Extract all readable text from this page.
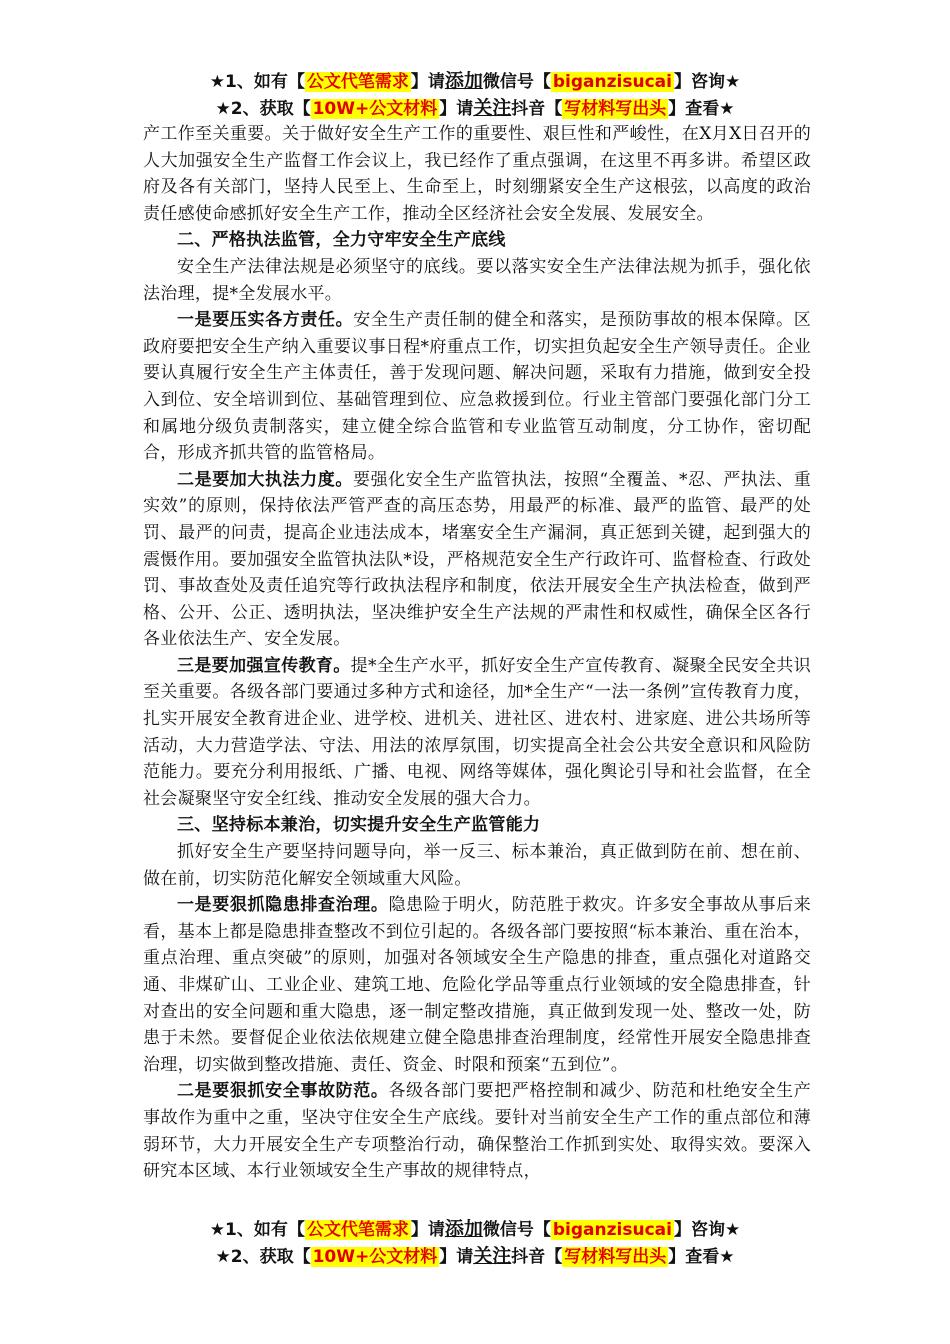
★1、如有【 公文代笔需求 】请添加微信号【 biganzisucai 】咨询★
★2、获取【 10W+公文材料 】请关注抖音【 写材料写出头 】查看★

产工作至关重要。关于做好安全生产工作的重要性、艰巨性和严峻性，在X月X日召开的人大加强安全生产监督工作会议上，我已经作了重点强调，在这里不再多讲。希望区政府及各有关部门，坚持人民至上、生命至上，时刻绷紧安全生产这根弦，以高度的政治责任感使命感抓好安全生产工作，推动全区经济社会安全发展、发展安全。

二、严格执法监管，全力守牢安全生产底线

安全生产法律法规是必须坚守的底线。要以落实安全生产法律法规为抓手，强化依法治理，提*全发展水平。

一是要压实各方责任。安全生产责任制的健全和落实，是预防事故的根本保障。区政府要把安全生产纳入重要议事日程*府重点工作，切实担负起安全生产领导责任。企业要认真履行安全生产主体责任，善于发现问题、解决问题，采取有力措施，做到安全投入到位、安全培训到位、基础管理到位、应急救援到位。行业主管部门要强化部门分工和属地分级负责制落实，建立健全综合监管和专业监管互动制度，分工协作，密切配合，形成齐抓共管的监管格局。

二是要加大执法力度。要强化安全生产监管执法，按照“全覆盖、*忍、严执法、重实效”的原则，保持依法严管严查的高压态势，用最严的标准、最严的监管、最严的处罚、最严的问责，提高企业违法成本，堵塞安全生产漏洞，真正惩到关键，起到强大的震慑作用。要加强安全监管执法队*设，严格规范安全生产行政许可、监督检查、行政处罚、事故查处及责任追究等行政执法程序和制度，依法开展安全生产执法检查，做到严格、公开、公正、透明执法，坚决维护安全生产法规的严肃性和权威性，确保全区各行各业依法生产、安全发展。

三是要加强宣传教育。提*全生产水平，抓好安全生产宣传教育、凝聚全民安全共识至关重要。各级各部门要通过多种方式和途径，加*全生产“一法一条例”宣传教育力度，扎实开展安全教育进企业、进学校、进机关、进社区、进农村、进家庭、进公共场所等活动，大力营造学法、守法、用法的浓厚氛围，切实提高全社会公共安全意识和风险防范能力。要充分利用报纸、广播、电视、网络等媒体，强化舆论引导和社会监督，在全社会凝聚坚守安全红线、推动安全发展的强大合力。

三、坚持标本兼治，切实提升安全生产监管能力

抓好安全生产要坚持问题导向，举一反三、标本兼治，真正做到防在前、想在前、做在前，切实防范化解安全领域重大风险。

一是要狠抓隐患排查治理。隐患险于明火，防范胜于救灾。许多安全事故从事后来看，基本上都是隐患排查整改不到位引起的。各级各部门要按照“标本兼治、重在治本，重点治理、重点突破”的原则，加强对各领域安全生产隐患的排查，重点强化对道路交通、非煤矿山、工业企业、建筑工地、危险化学品等重点行业领域的安全隐患排查，针对查出的安全问题和重大隐患，逐一制定整改措施，真正做到发现一处、整改一处，防患于未然。要督促企业依法依规建立健全隐患排查治理制度，经常性开展安全隐患排查治理，切实做到整改措施、责任、资金、时限和预案“五到位”。

二是要狠抓安全事故防范。各级各部门要把严格控制和减少、防范和杜绝安全生产事故作为重中之重，坚决守住安全生产底线。要针对当前安全生产工作的重点部位和薄弱环节，大力开展安全生产专项整治行动，确保整治工作抓到实处、取得实效。要深入研究本区域、本行业领域安全生产事故的规律特点，

★1、如有【 公文代笔需求 】请添加微信号【 biganzisucai 】咨询★
★2、获取【 10W+公文材料 】请关注抖音【 写材料写出头 】查看★
